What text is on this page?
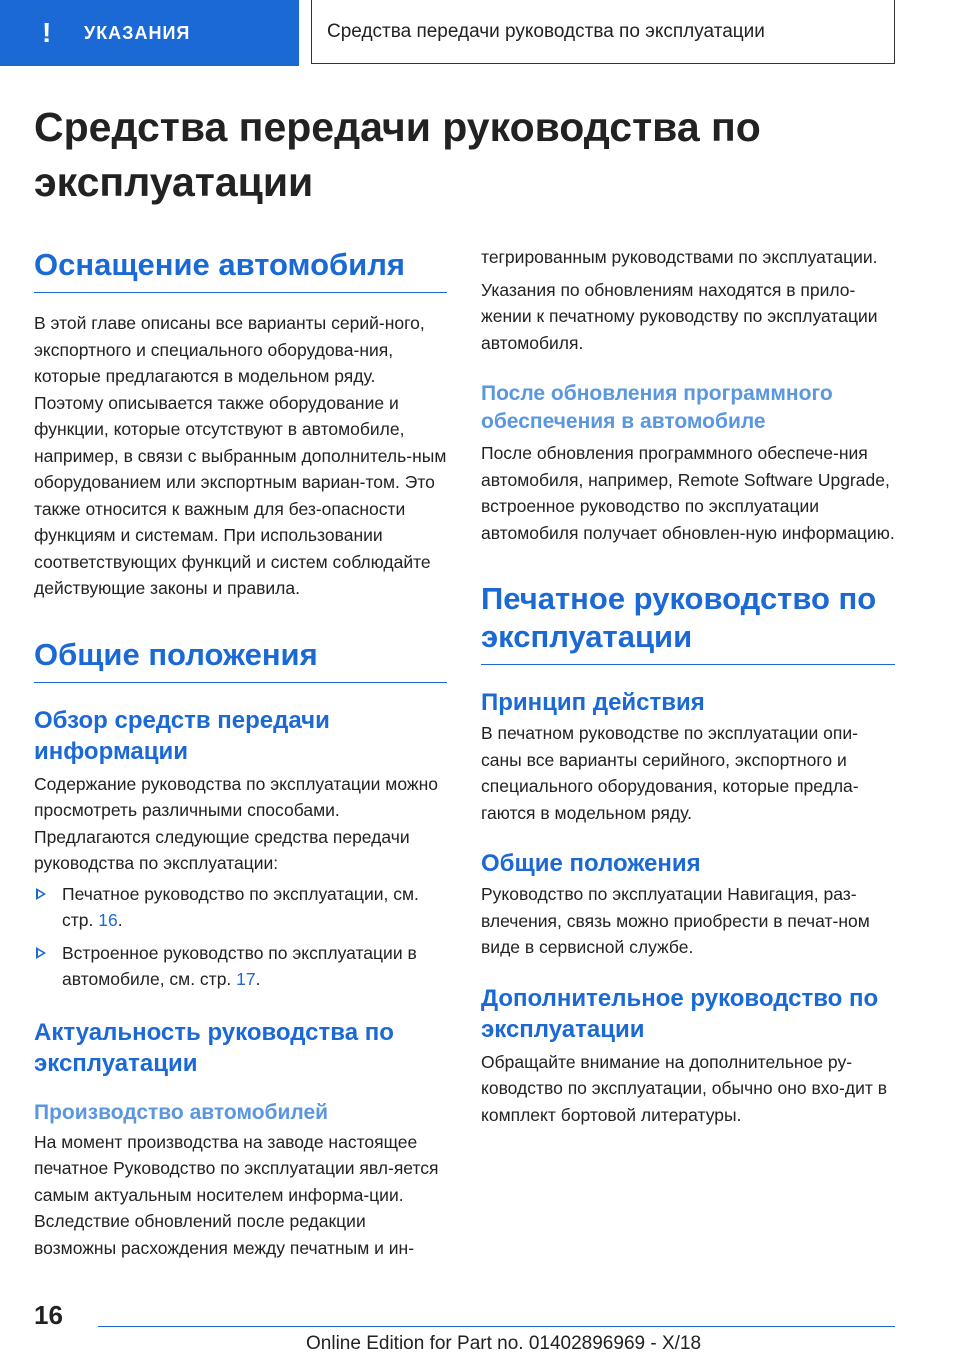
! УКАЗАНИЯ	Средства передачи руководства по эксплуатации
Средства передачи руководства по эксплуатации
Оснащение автомобиля

В этой главе описаны все варианты серий-ного, экспортного и специального оборудова-ния, которые предлагаются в модельном ряду. Поэтому описывается также оборудование и функции, которые отсутствуют в автомобиле, например, в связи с выбранным дополнитель-ным оборудованием или экспортным вариан-том. Это также относится к важным для без-опасности функциям и системам. При использовании соответствующих функций и систем соблюдайте действующие законы и правила.

Общие положения
Обзор средств передачи информации

Содержание руководства по эксплуатации можно просмотреть различными способами. Предлагаются следующие средства передачи руководства по эксплуатации:

Печатное руководство по эксплуатации, см. стр. 16.
Встроенное руководство по эксплуатации в автомобиле, см. стр. 17.
Актуальность руководства по эксплуатации
Производство автомобилей

На момент производства на заводе настоящее печатное Руководство по эксплуатации явл-яется самым актуальным носителем информа-ции. Вследствие обновлений после редакции возможны расхождения между печатным и ин-

тегрированным руководствами по эксплуатации.

Указания по обновлениям находятся в прило-жении к печатному руководству по эксплуатации автомобиля.

После обновления программного обеспечения в автомобиле

После обновления программного обеспече-ния автомобиля, например, Remote Software Upgrade, встроенное руководство по эксплуатации автомобиля получает обновлен-ную информацию.

Печатное руководство по эксплуатации
Принцип действия

В печатном руководстве по эксплуатации опи-саны все варианты серийного, экспортного и специального оборудования, которые предла-гаются в модельном ряду.

Общие положения

Руководство по эксплуатации Навигация, раз-влечения, связь можно приобрести в печат-ном виде в сервисной службе.

Дополнительное руководство по эксплуатации

Обращайте внимание на дополнительное ру-ководство по эксплуатации, обычно оно вхо-дит в комплект бортовой литературы.

16
Online Edition for Part no. 01402896969 - X/18
